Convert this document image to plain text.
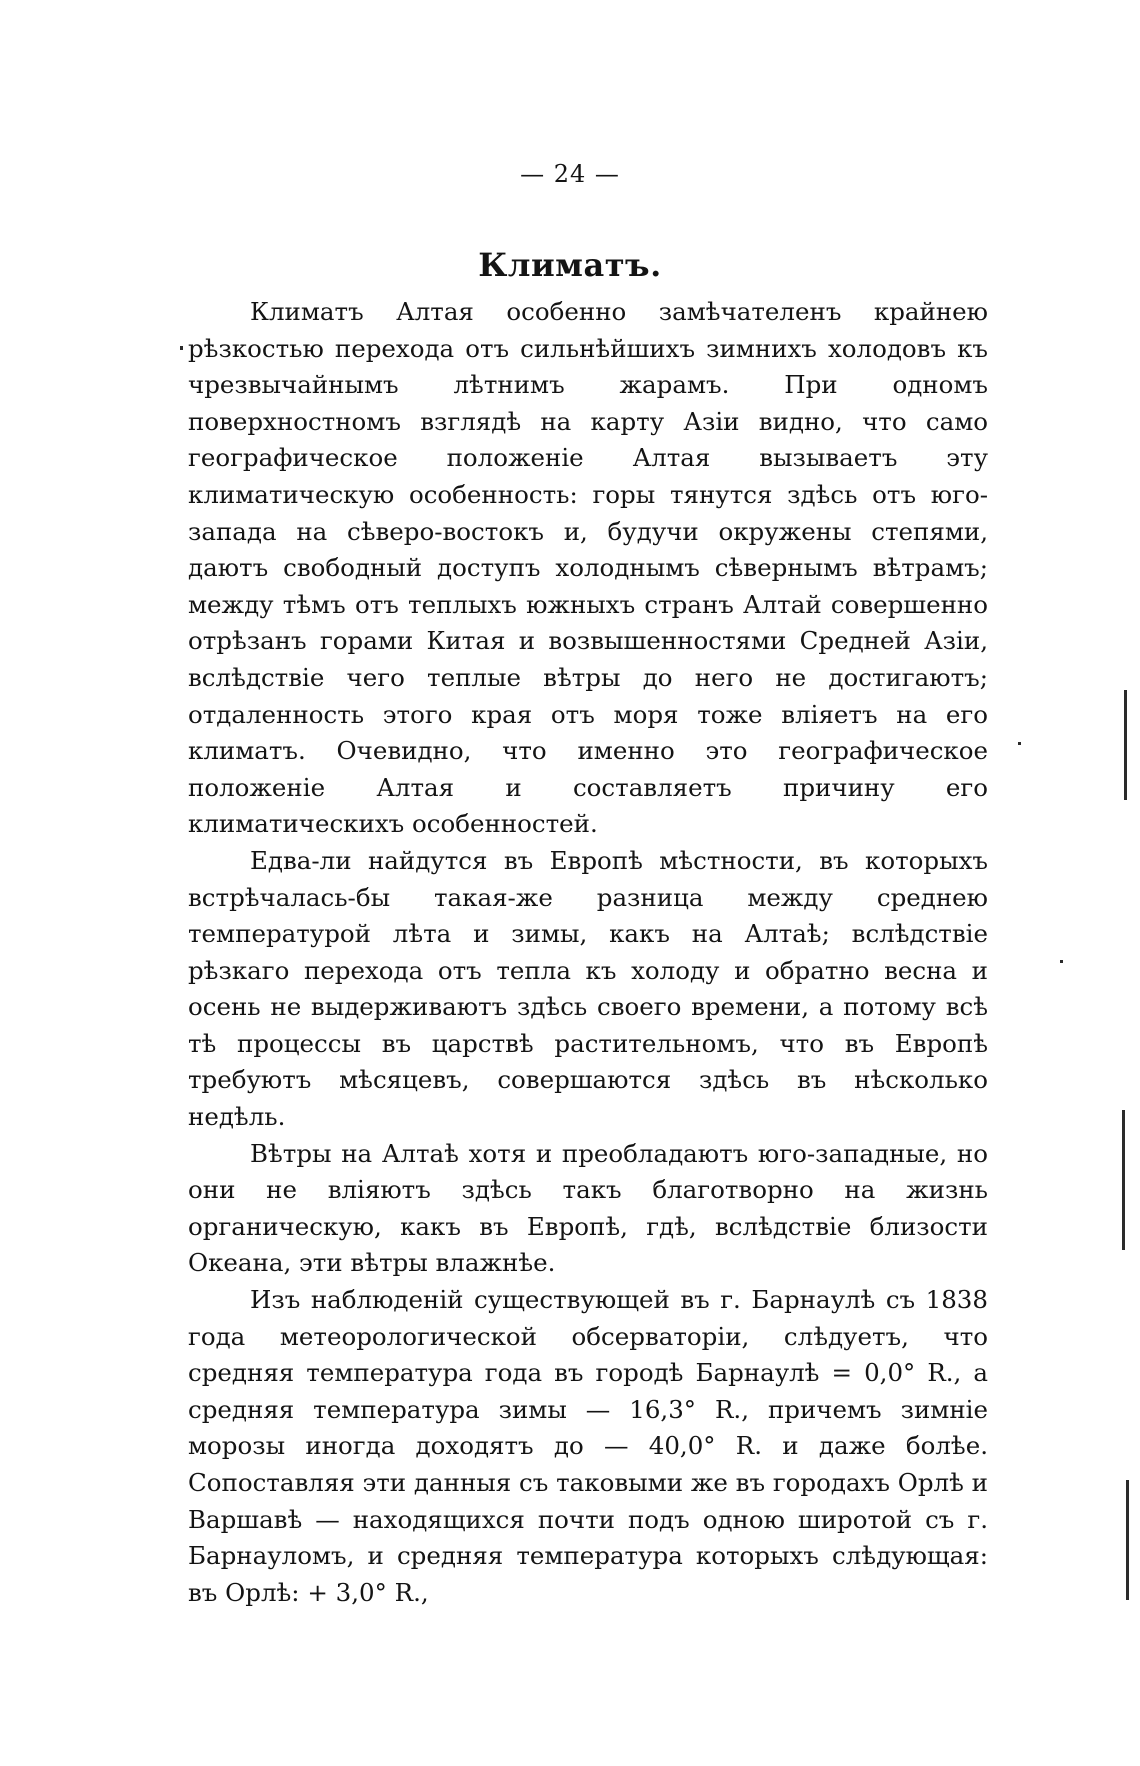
— 24 —
Климатъ.

Климатъ Алтая особенно замѣчателенъ крайнею рѣзкостью перехода отъ сильнѣйшихъ зимнихъ холодовъ къ чрезвычайнымъ лѣтнимъ жарамъ. При одномъ поверхностномъ взглядѣ на карту Азіи видно, что само географическое положеніе Алтая вызываетъ эту климатическую особенность: горы тянутся здѣсь отъ юго-запада на сѣверо-востокъ и, будучи окружены степями, даютъ свободный доступъ холоднымъ сѣвернымъ вѣтрамъ; между тѣмъ отъ теплыхъ южныхъ странъ Алтай совершенно отрѣзанъ горами Китая и возвышенностями Средней Азіи, вслѣдствіе чего теплые вѣтры до него не достигаютъ; отдаленность этого края отъ моря тоже вліяетъ на его климатъ. Очевидно, что именно это географическое положеніе Алтая и составляетъ причину его климатическихъ особенностей.

Едва-ли найдутся въ Европѣ мѣстности, въ которыхъ встрѣчалась-бы такая-же разница между среднею температурой лѣта и зимы, какъ на Алтаѣ; вслѣдствіе рѣзкаго перехода отъ тепла къ холоду и обратно весна и осень не выдерживаютъ здѣсь своего времени, а потому всѣ тѣ процессы въ царствѣ растительномъ, что въ Европѣ требуютъ мѣсяцевъ, совершаются здѣсь въ нѣсколько недѣль.

Вѣтры на Алтаѣ хотя и преобладаютъ юго-западные, но они не вліяютъ здѣсь такъ благотворно на жизнь органическую, какъ въ Европѣ, гдѣ, вслѣдствіе близости Океана, эти вѣтры влажнѣе.

Изъ наблюденій существующей въ г. Барнаулѣ съ 1838 года метеорологической обсерваторіи, слѣдуетъ, что средняя температура года въ городѣ Барнаулѣ = 0,0° R., а средняя температура зимы — 16,3° R., причемъ зимніе морозы иногда доходятъ до — 40,0° R. и даже болѣе. Сопоставляя эти данныя съ таковыми же въ городахъ Орлѣ и Варшавѣ — находящихся почти подъ одною широтой съ г. Барнауломъ, и средняя температура которыхъ слѣдующая: въ Орлѣ: + 3,0° R.,
